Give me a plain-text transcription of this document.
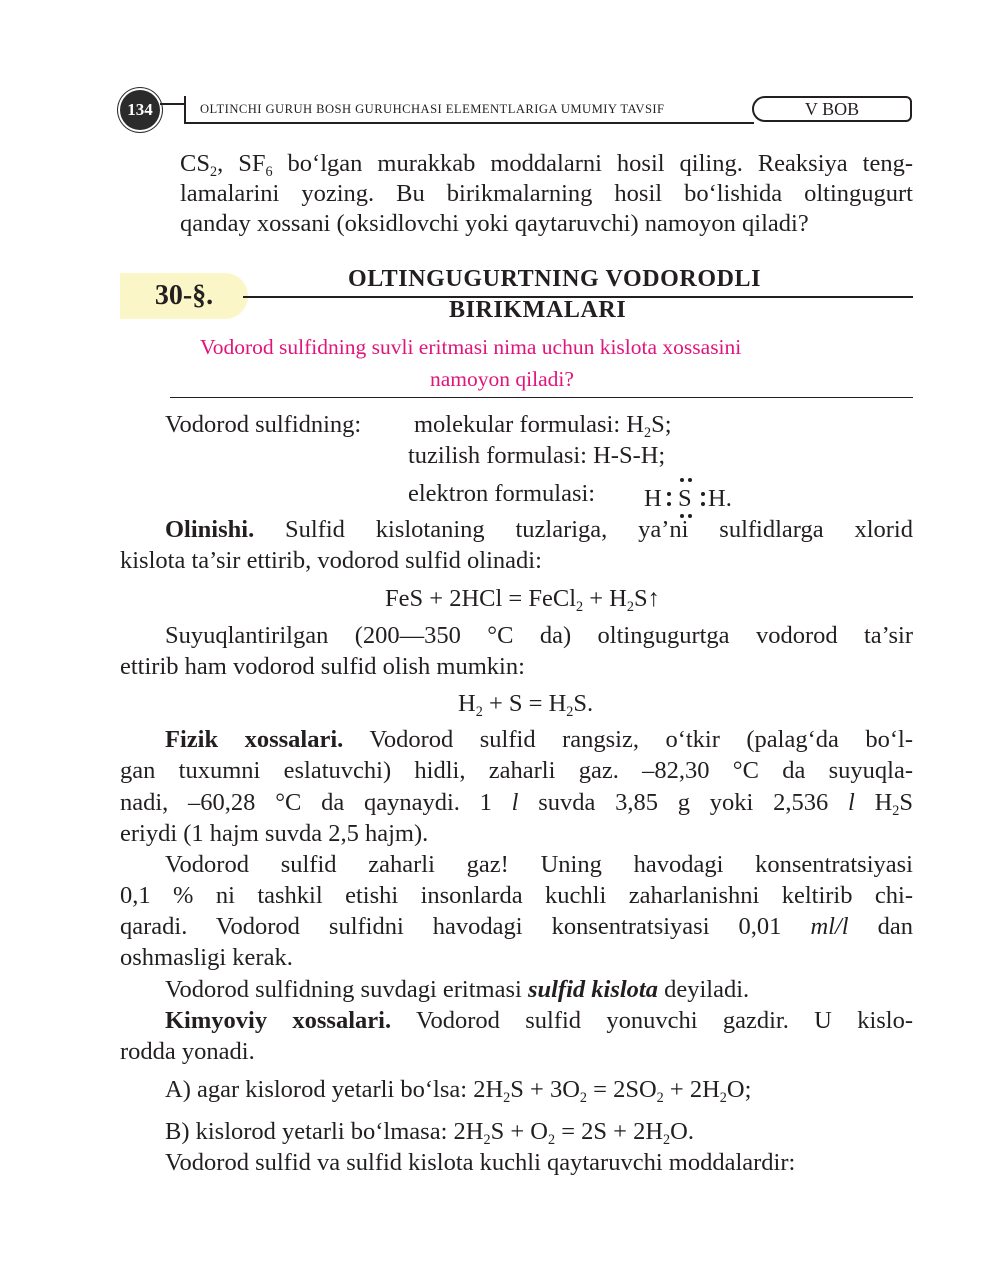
134	OLTINCHI GURUH BOSH GURUHCHASI ELEMENTLARIGA UMUMIY TAVSIF	V BOB
$CS_2$, $SF_6$ bo‘lgan murakkab moddalarni hosil qiling. Reaksiya teng-
lamalarini yozing. Bu birikmalarning hosil bo‘lishida oltingugurt
qanday xossani (oksidlovchi yoki qaytaruvchi) namoyon qiladi?
30-§.
OLTINGUGURTNING VODORODLI
BIRIKMALARI
Vodorod sulfidning suvli eritmasi nima uchun kislota xossasini
namoyon qiladi?
Vodorod sulfidning: molekular formulasi: $H_2S$;
tuzilish formulasi: H-S-H;
elektron formulasi: H S H.
Olinishi. Sulfid kislotaning tuzlariga, ya’ni sulfidlarga xlorid
kislota ta’sir ettirib, vodorod sulfid olinadi:
FeS + 2HCl = FeCl$_2$ + $H_2S↑$
Suyuqlantirilgan (200—350 °C da) oltingugurtga vodorod ta’sir
ettirib ham vodorod sulfid olish mumkin:
$H_2 + S = H_2S$.
Fizik xossalari. Vodorod sulfid rangsiz, o‘tkir (palag‘da bo‘l-
gan tuxumni eslatuvchi) hidli, zaharli gaz. –82,30 °C da suyuqla-
nadi, –60,28 °C da qaynaydi. 1 l suvda 3,85 g yoki 2,536 l $H_2S$
eriydi (1 hajm suvda 2,5 hajm).
Vodorod sulfid zaharli gaz! Uning havodagi konsentratsiyasi
0,1 % ni tashkil etishi insonlarda kuchli zaharlanishni keltirib chi-
qaradi. Vodorod sulfidni havodagi konsentratsiyasi 0,01 ml/l dan
oshmasligi kerak.
Vodorod sulfidning suvdagi eritmasi sulfid kislota deyiladi.
Kimyoviy xossalari. Vodorod sulfid yonuvchi gazdir. U kislo-
rodda yonadi.
A) agar kislorod yetarli bo‘lsa: $2H_2S + 3O_2 = 2SO_2 + 2H_2O$;
B) kislorod yetarli bo‘lmasa: $2H_2S + O_2 = 2S + 2H_2O$.
Vodorod sulfid va sulfid kislota kuchli qaytaruvchi moddalardir:
